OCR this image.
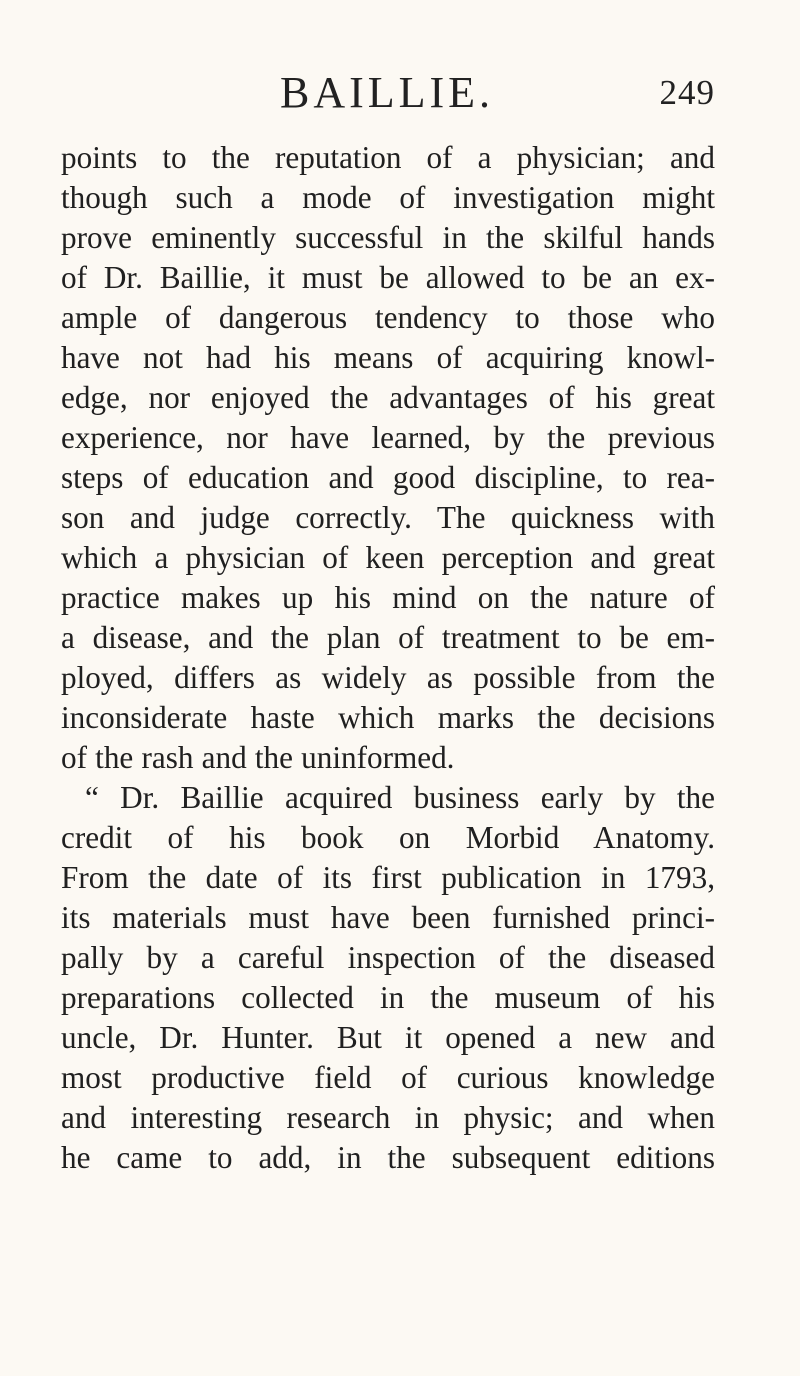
BAILLIE.	249
points to the reputation of a physician; and
though such a mode of investigation might
prove eminently successful in the skilful hands
of Dr. Baillie, it must be allowed to be an ex-
ample of dangerous tendency to those who
have not had his means of acquiring knowl-
edge, nor enjoyed the advantages of his great
experience, nor have learned, by the previous
steps of education and good discipline, to rea-
son and judge correctly. The quickness with
which a physician of keen perception and great
practice makes up his mind on the nature of
a disease, and the plan of treatment to be em-
ployed, differs as widely as possible from the
inconsiderate haste which marks the decisions
of the rash and the uninformed.
“ Dr. Baillie acquired business early by the
credit of his book on Morbid Anatomy.
From the date of its first publication in 1793,
its materials must have been furnished princi-
pally by a careful inspection of the diseased
preparations collected in the museum of his
uncle, Dr. Hunter. But it opened a new and
most productive field of curious knowledge
and interesting research in physic; and when
he came to add, in the subsequent editions
